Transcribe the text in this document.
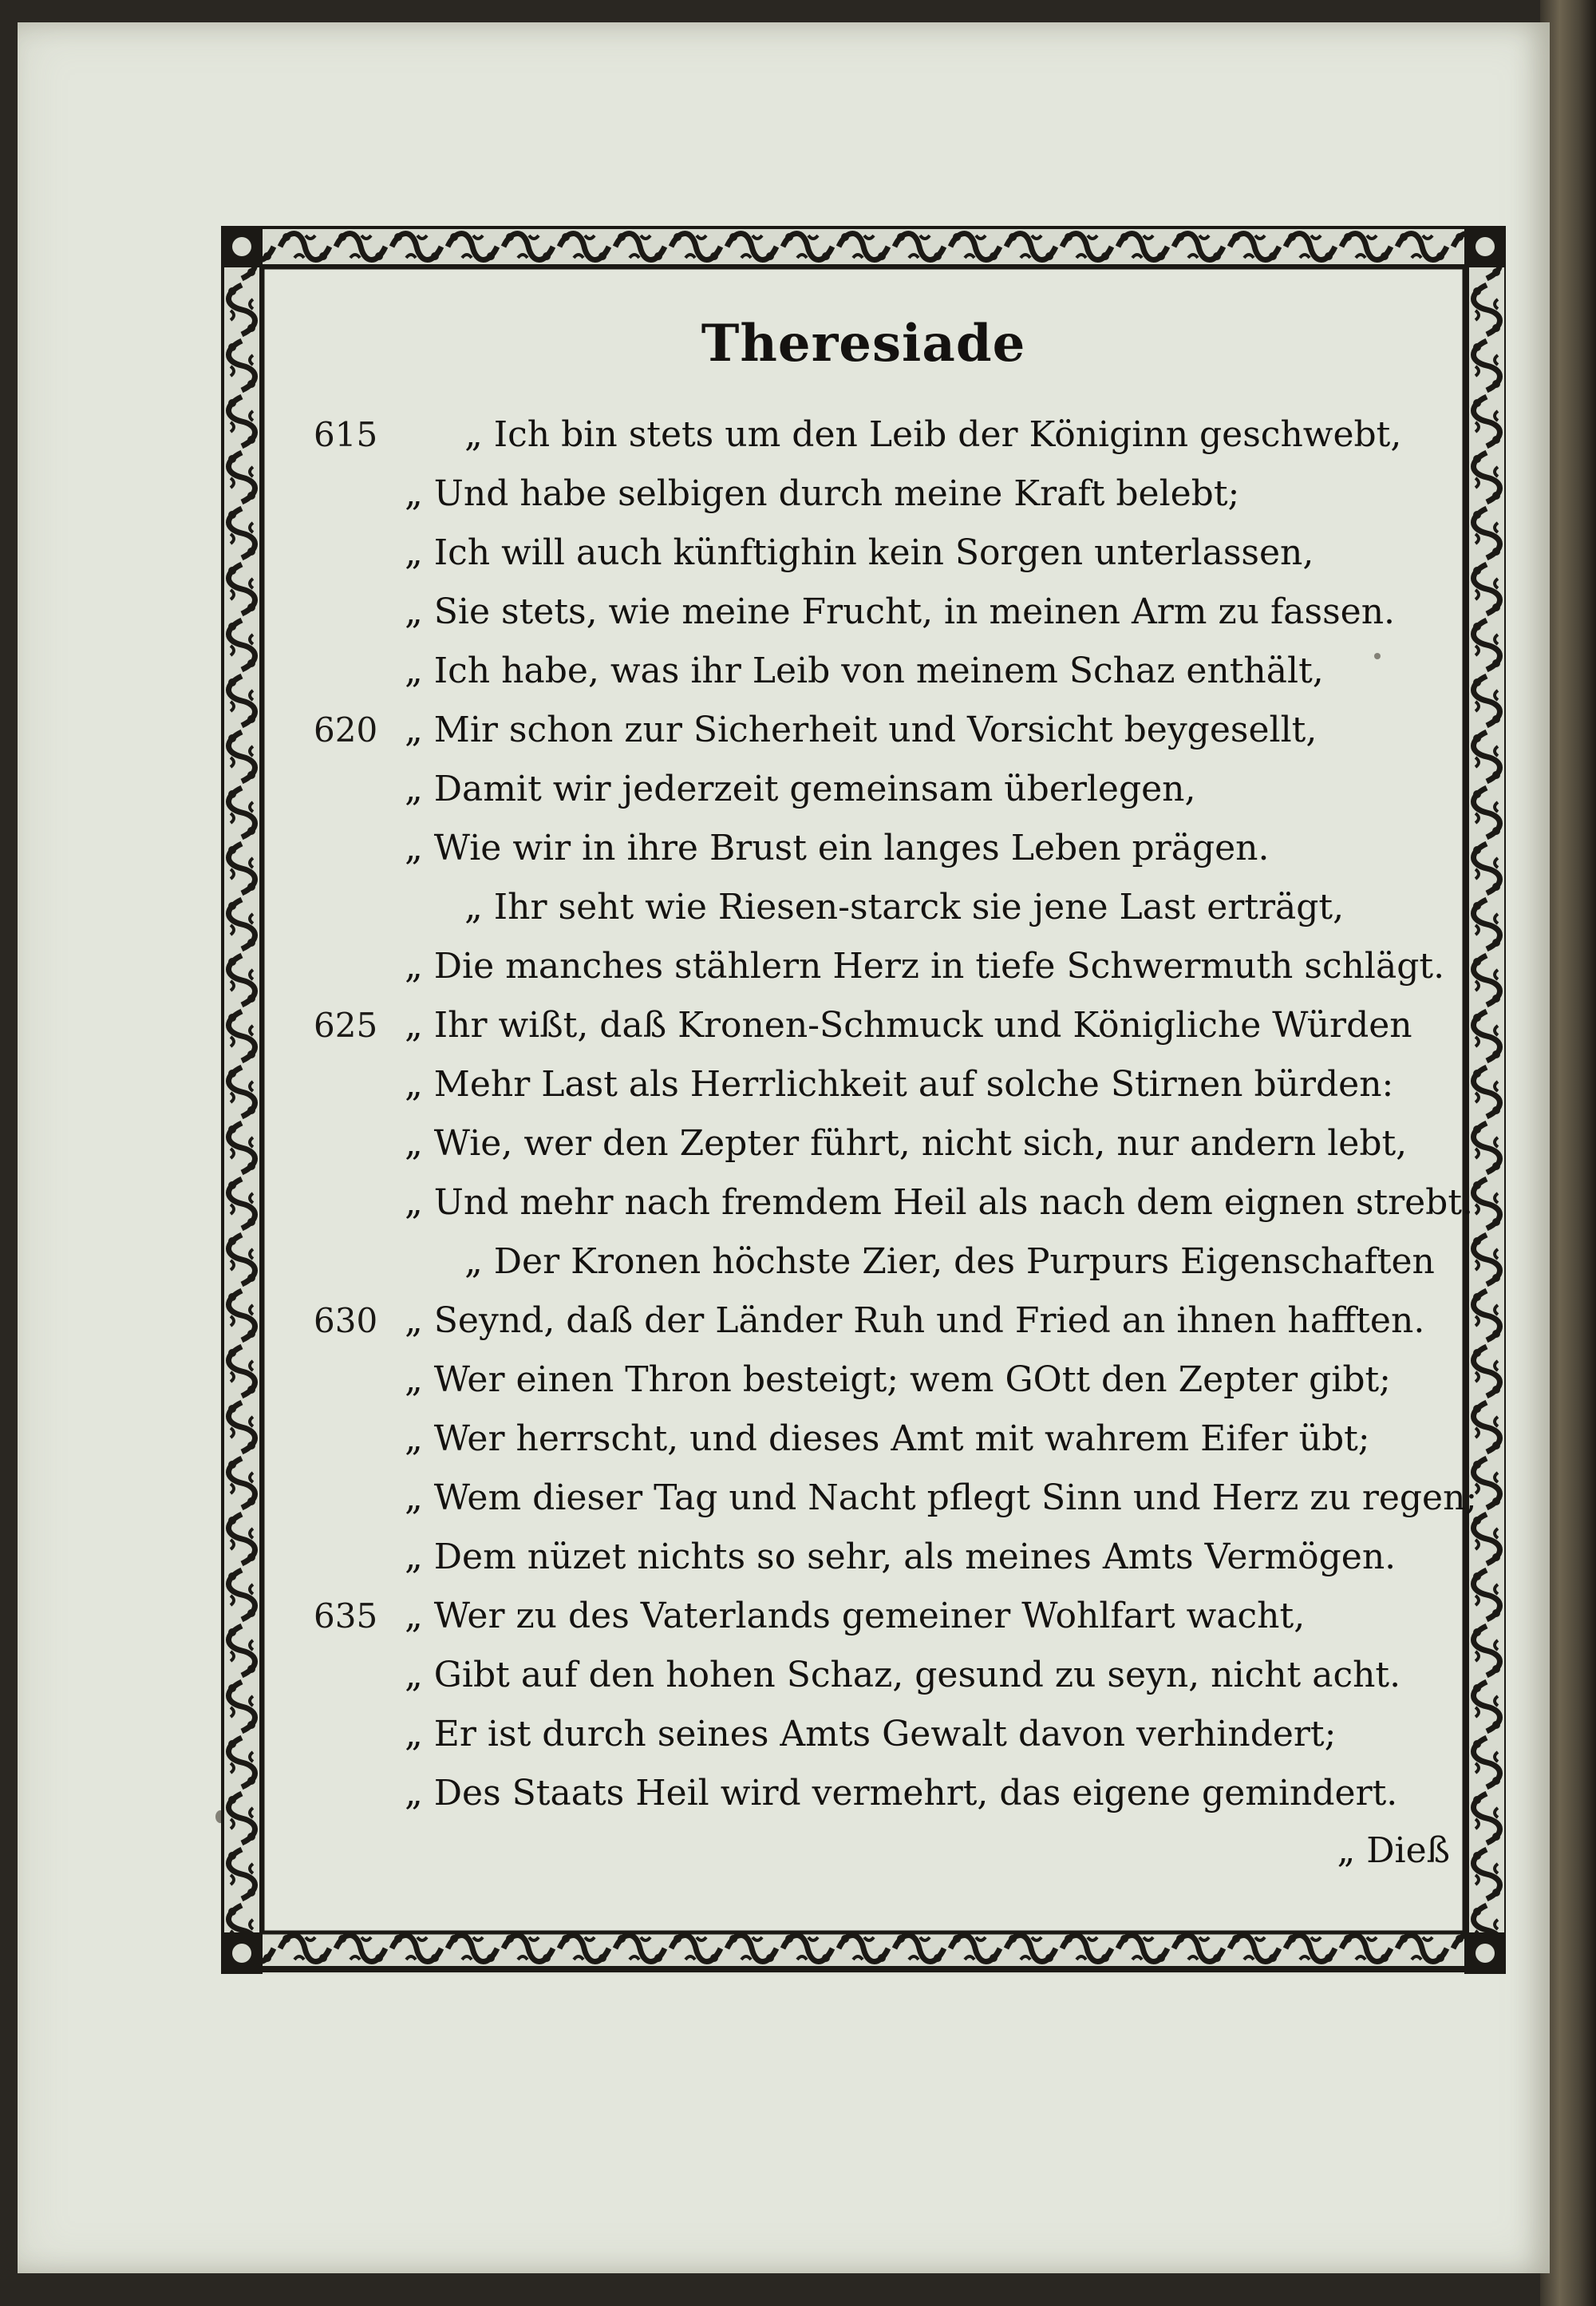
Theresiade
615	„ Ich bin stets um den Leib der Königinn geschwebt,
„ Und habe selbigen durch meine Kraft belebt;
„ Ich will auch künftighin kein Sorgen unterlassen,
„ Sie stets, wie meine Frucht, in meinen Arm zu fassen.
„ Ich habe, was ihr Leib von meinem Schaz enthält,
620 „ Mir schon zur Sicherheit und Vorsicht beygesellt,
„ Damit wir jederzeit gemeinsam überlegen,
„ Wie wir in ihre Brust ein langes Leben prägen.
„ Ihr seht wie Riesen-starck sie jene Last erträgt,
„ Die manches stählern Herz in tiefe Schwermuth schlägt.
625 „ Ihr wißt, daß Kronen-Schmuck und Königliche Würden
„ Mehr Last als Herrlichkeit auf solche Stirnen bürden:
„ Wie, wer den Zepter führt, nicht sich, nur andern lebt,
„ Und mehr nach fremdem Heil als nach dem eignen strebt.
„ Der Kronen höchste Zier, des Purpurs Eigenschaften
630 „ Seynd, daß der Länder Ruh und Fried an ihnen hafften.
„ Wer einen Thron besteigt; wem GOtt den Zepter gibt;
„ Wer herrscht, und dieses Amt mit wahrem Eifer übt;
„ Wem dieser Tag und Nacht pflegt Sinn und Herz zu regen;
„ Dem nüzet nichts so sehr, als meines Amts Vermögen.
635 „ Wer zu des Vaterlands gemeiner Wohlfart wacht,
„ Gibt auf den hohen Schaz, gesund zu seyn, nicht acht.
„ Er ist durch seines Amts Gewalt davon verhindert;
„ Des Staats Heil wird vermehrt, das eigene gemindert.
„ Dieß
